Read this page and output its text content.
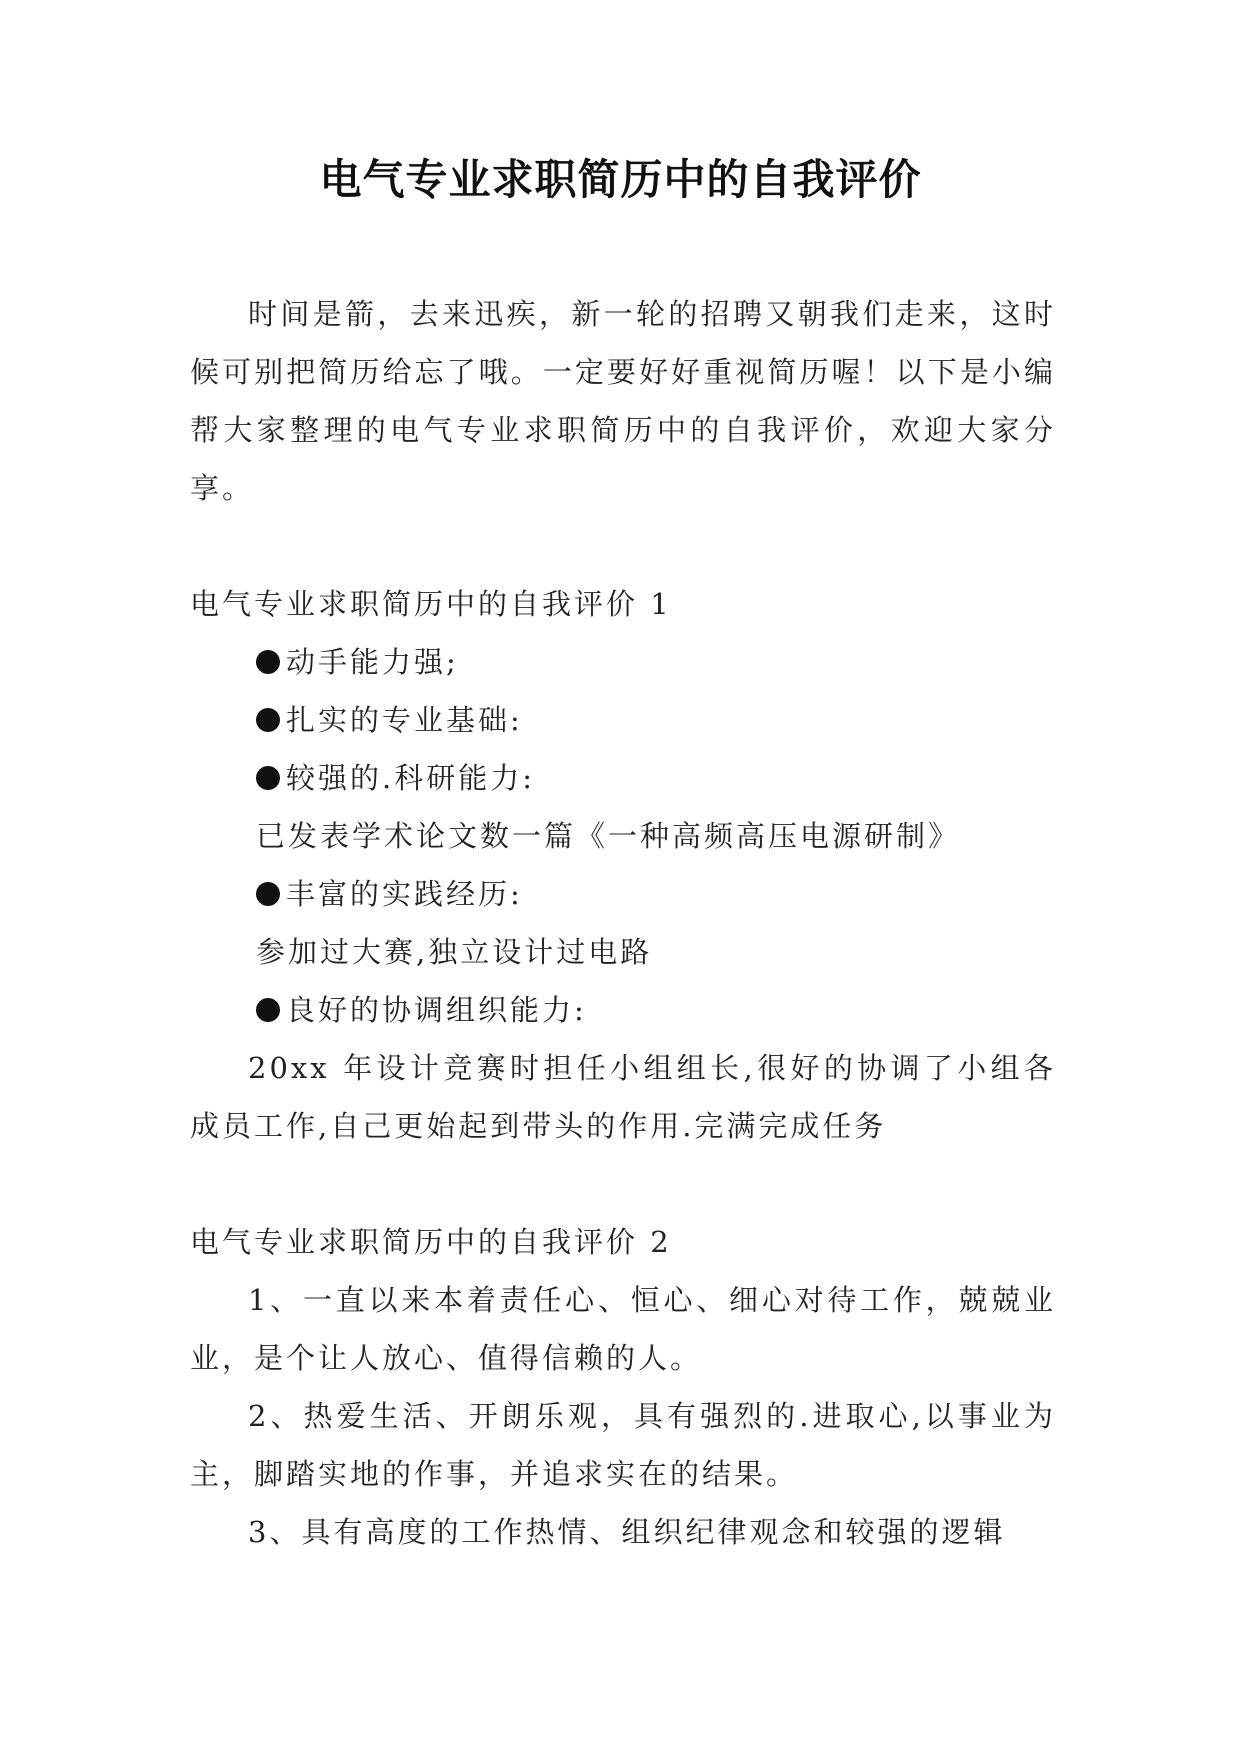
电气专业求职简历中的自我评价

时间是箭，去来迅疾，新一轮的招聘又朝我们走来，这时候可别把简历给忘了哦。一定要好好重视简历喔！以下是小编帮大家整理的电气专业求职简历中的自我评价，欢迎大家分享。

电气专业求职简历中的自我评价 1

动手能力强;

扎实的专业基础:

较强的.科研能力:

已发表学术论文数一篇《一种高频高压电源研制》

丰富的实践经历:

参加过大赛,独立设计过电路

良好的协调组织能力:

20xx 年设计竞赛时担任小组组长,很好的协调了小组各成员工作,自己更始起到带头的作用.完满完成任务

电气专业求职简历中的自我评价 2

1、一直以来本着责任心、恒心、细心对待工作，兢兢业业，是个让人放心、值得信赖的人。

2、热爱生活、开朗乐观，具有强烈的.进取心,以事业为主，脚踏实地的作事，并追求实在的结果。

3、具有高度的工作热情、组织纪律观念和较强的逻辑
